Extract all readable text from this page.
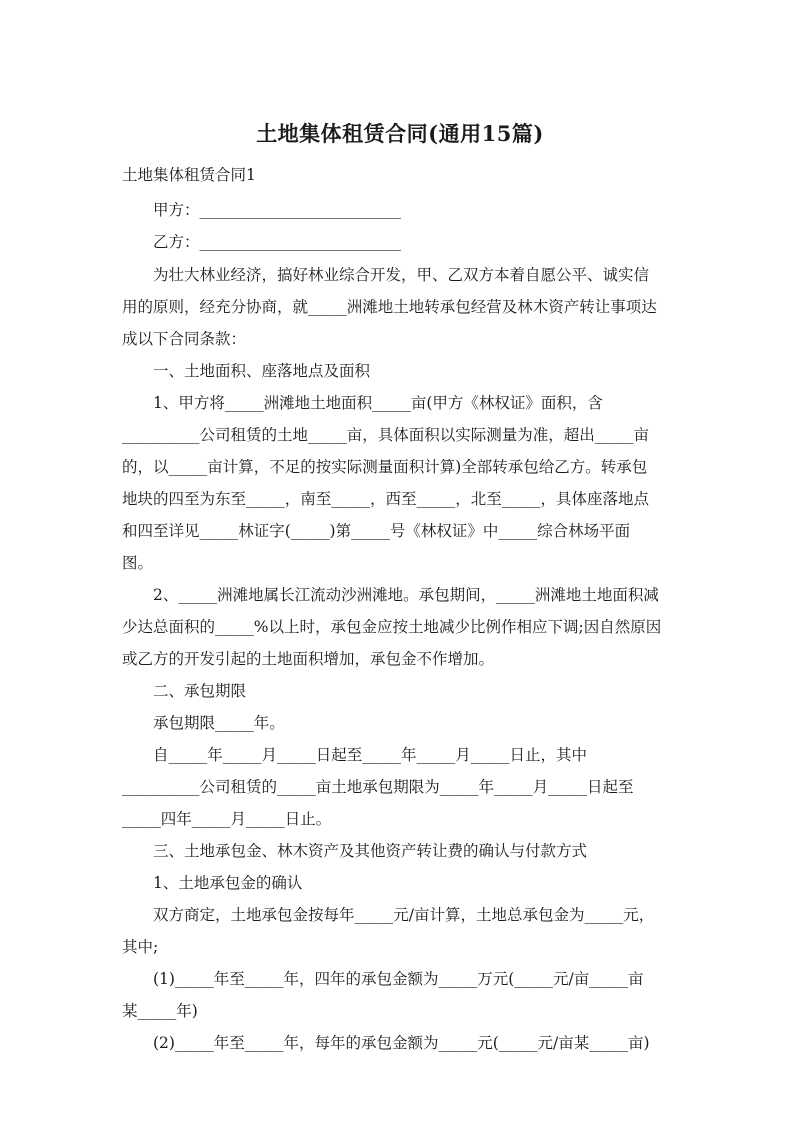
土地集体租赁合同(通用15篇)
土地集体租赁合同1
甲方：__________________________
乙方：__________________________
为壮大林业经济，搞好林业综合开发，甲、乙双方本着自愿公平、诚实信
用的原则，经充分协商，就_____洲滩地土地转承包经营及林木资产转让事项达
成以下合同条款：
一、土地面积、座落地点及面积
1、甲方将_____洲滩地土地面积_____亩(甲方《林权证》面积，含
__________公司租赁的土地_____亩，具体面积以实际测量为准，超出_____亩
的，以_____亩计算，不足的按实际测量面积计算)全部转承包给乙方。转承包
地块的四至为东至_____，南至_____，西至_____，北至_____，具体座落地点
和四至详见_____林证字(_____)第_____号《林权证》中_____综合林场平面
图。
2、_____洲滩地属长江流动沙洲滩地。承包期间，_____洲滩地土地面积减
少达总面积的_____%以上时，承包金应按土地减少比例作相应下调;因自然原因
或乙方的开发引起的土地面积增加，承包金不作增加。
二、承包期限
承包期限_____年。
自_____年_____月_____日起至_____年_____月_____日止，其中
__________公司租赁的_____亩土地承包期限为_____年_____月_____日起至
_____四年_____月_____日止。
三、土地承包金、林木资产及其他资产转让费的确认与付款方式
1、土地承包金的确认
双方商定，土地承包金按每年_____元/亩计算，土地总承包金为_____元，
其中;
(1)_____年至_____年，四年的承包金额为_____万元(_____元/亩_____亩
某_____年)
(2)_____年至_____年，每年的承包金额为_____元(_____元/亩某_____亩)
